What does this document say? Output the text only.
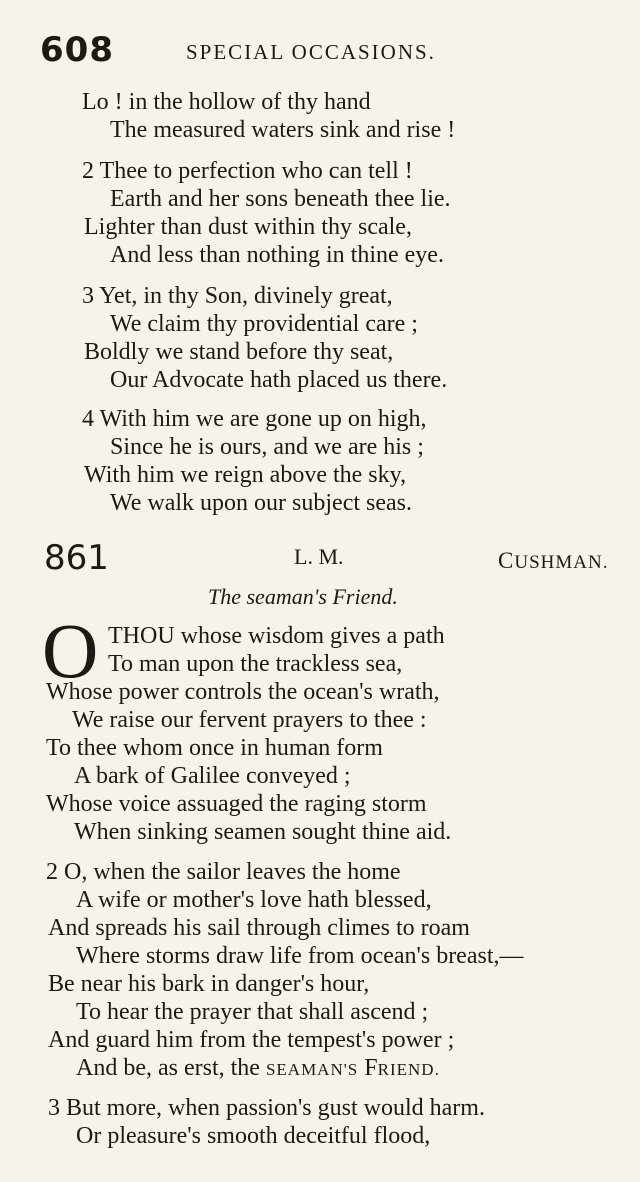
608	SPECIAL OCCASIONS.
Lo ! in the hollow of thy hand
The measured waters sink and rise !
2 Thee to perfection who can tell !
Earth and her sons beneath thee lie.
Lighter than dust within thy scale,
And less than nothing in thine eye.
3 Yet, in thy Son, divinely great,
We claim thy providential care ;
Boldly we stand before thy seat,
Our Advocate hath placed us there.
4 With him we are gone up on high,
Since he is ours, and we are his ;
With him we reign above the sky,
We walk upon our subject seas.
861	L. M.	CUSHMAN.
The seaman's Friend.
O THOU whose wisdom gives a path
To man upon the trackless sea,
Whose power controls the ocean's wrath,
We raise our fervent prayers to thee :
To thee whom once in human form
A bark of Galilee conveyed ;
Whose voice assuaged the raging storm
When sinking seamen sought thine aid.
2 O, when the sailor leaves the home
A wife or mother's love hath blessed,
And spreads his sail through climes to roam
Where storms draw life from ocean's breast,—
Be near his bark in danger's hour,
To hear the prayer that shall ascend ;
And guard him from the tempest's power ;
And be, as erst, the SEAMAN'S FRIEND.
3 But more, when passion's gust would harm.
Or pleasure's smooth deceitful flood,
